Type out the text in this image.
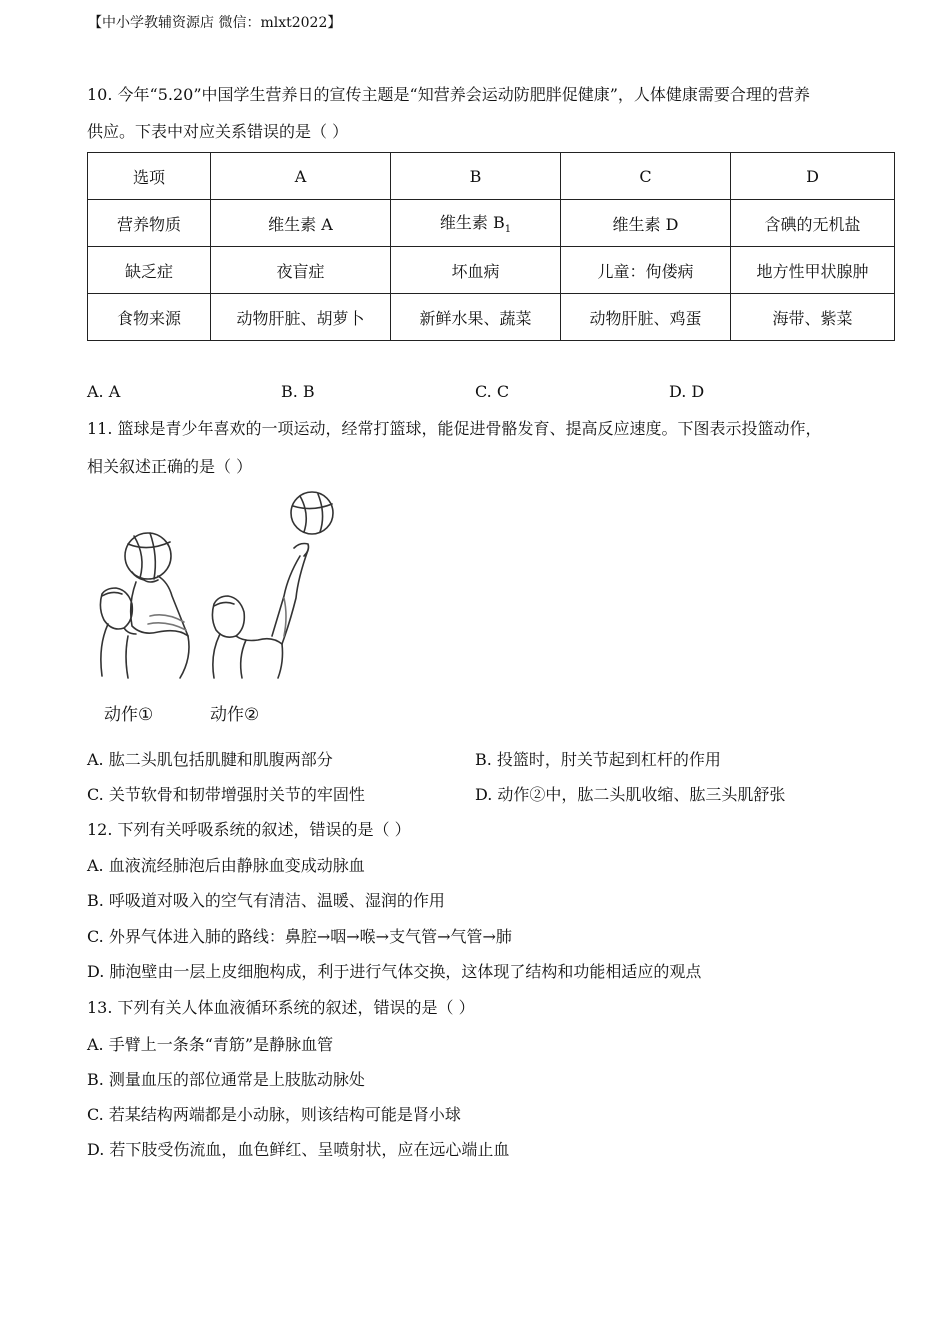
【中小学教辅资源店 微信：mlxt2022】
10. 今年“5.20”中国学生营养日的宣传主题是“知营养会运动防肥胖促健康”，人体健康需要合理的营养
供应。下表中对应关系错误的是（ ）
选项	A	B	C	D
营养物质	维生素 A	维生素 $B_1$	维生素 D	含碘的无机盐
缺乏症	夜盲症	坏血病	儿童：佝偻病	地方性甲状腺肿
食物来源	动物肝脏、胡萝卜	新鲜水果、蔬菜	动物肝脏、鸡蛋	海带、紫菜
A. A	B. B	C. C	D. D
11. 篮球是青少年喜欢的一项运动，经常打篮球，能促进骨骼发育、提高反应速度。下图表示投篮动作，
相关叙述正确的是（ ）
动作①	动作②
A. 肱二头肌包括肌腱和肌腹两部分	B. 投篮时，肘关节起到杠杆的作用
C. 关节软骨和韧带增强肘关节的牢固性	D. 动作②中，肱二头肌收缩、肱三头肌舒张
12. 下列有关呼吸系统的叙述，错误的是（ ）
A. 血液流经肺泡后由静脉血变成动脉血
B. 呼吸道对吸入的空气有清洁、温暖、湿润的作用
C. 外界气体进入肺的路线：鼻腔→咽→喉→支气管→气管→肺
D. 肺泡壁由一层上皮细胞构成，利于进行气体交换，这体现了结构和功能相适应的观点
13. 下列有关人体血液循环系统的叙述，错误的是（ ）
A. 手臂上一条条“青筋”是静脉血管
B. 测量血压的部位通常是上肢肱动脉处
C. 若某结构两端都是小动脉，则该结构可能是肾小球
D. 若下肢受伤流血，血色鲜红、呈喷射状，应在远心端止血
